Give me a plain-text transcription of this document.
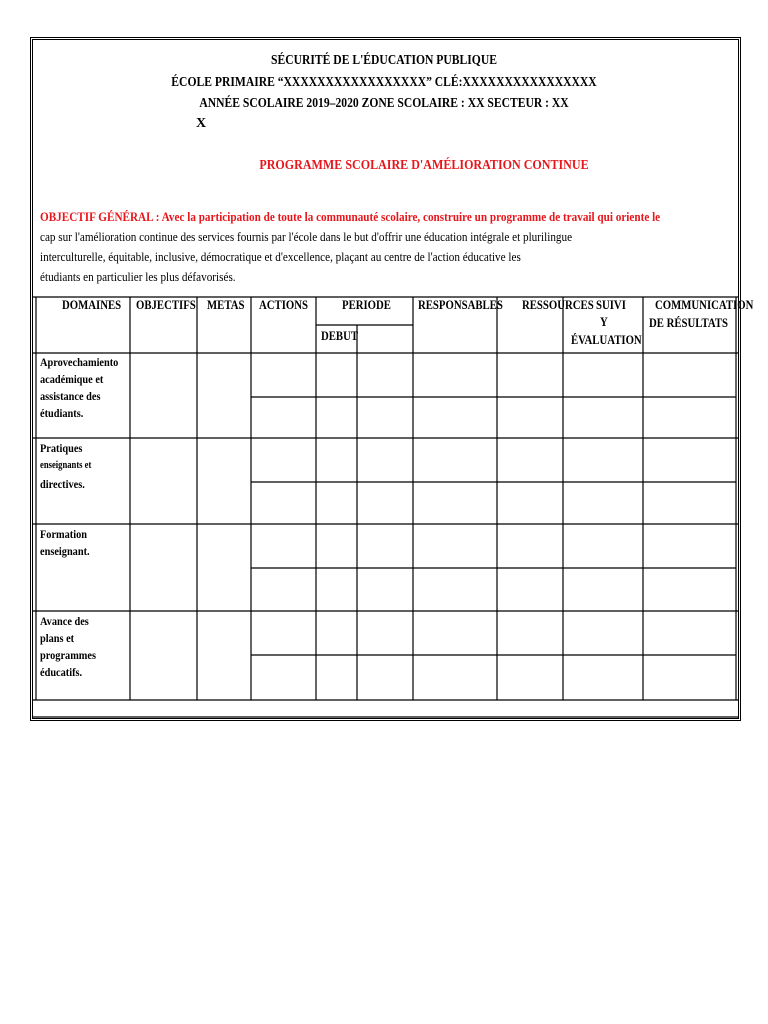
SÉCURITÉ DE L'ÉDUCATION PUBLIQUE
ÉCOLE PRIMAIRE “XXXXXXXXXXXXXXXXX” CLÉ:XXXXXXXXXXXXXXXX
ANNÉE SCOLAIRE 2019–2020 ZONE SCOLAIRE : XX SECTEUR : XX
X
PROGRAMME SCOLAIRE D'AMÉLIORATION CONTINUE
OBJECTIF GÉNÉRAL : Avec la participation de toute la communauté scolaire, construire un programme de travail qui oriente le
cap sur l'amélioration continue des services fournis par l'école dans le but d'offrir une éducation intégrale et plurilingue
interculturelle, équitable, inclusive, démocratique et d'excellence, plaçant au centre de l'action éducative les
étudiants en particulier les plus défavorisés.
DOMAINES OBJECTIFS METAS ACTIONS	PERIODE
DEBUT
RESPONSABLES RESSOURCES SUIVI
Y
ÉVALUATION
COMMUNICATION
DE RÉSULTATS
Aprovechamiento
académique et
assistance des
étudiants.
Pratiques
enseignants et
directives.
Formation
enseignant.
Avance des
plans et
programmes
éducatifs.
